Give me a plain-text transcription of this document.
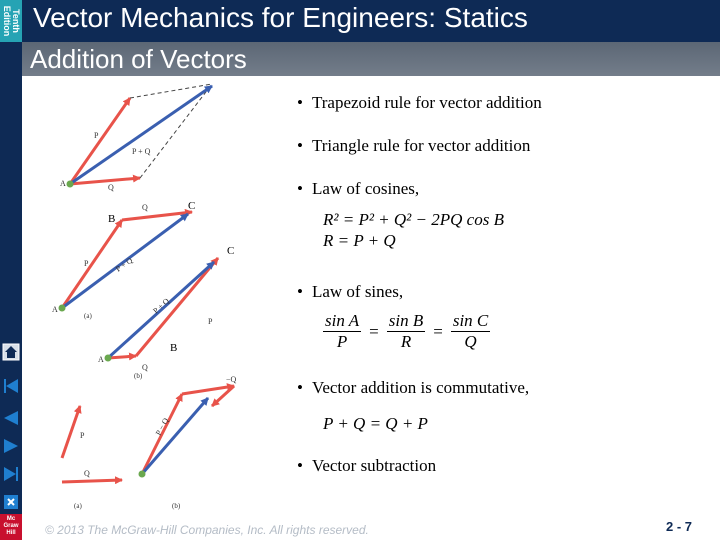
Tenth
Edition
Mc
Graw
Hill
Vector Mechanics for Engineers: Statics
Addition of Vectors
P
P + Q
Q
A
P
Q
P + Q
A
(a)
Q
P
P + Q
A
(b)
P
Q
P − Q
−Q
(a)	(b)
C
B
C
B
• Trapezoid rule for vector addition
• Triangle rule for vector addition
• Law of cosines,
• Law of sines,
• Vector addition is commutative,
• Vector subtraction
R² = P² + Q² − 2PQ cos B
R = P + Q
$\frac{\text{sin A}}{P} = \frac{\text{sin B}}{R} = \frac{\text{sin C}}{Q}$
P + Q = Q + P
© 2013 The McGraw-Hill Companies, Inc. All rights reserved.	2 - 7
